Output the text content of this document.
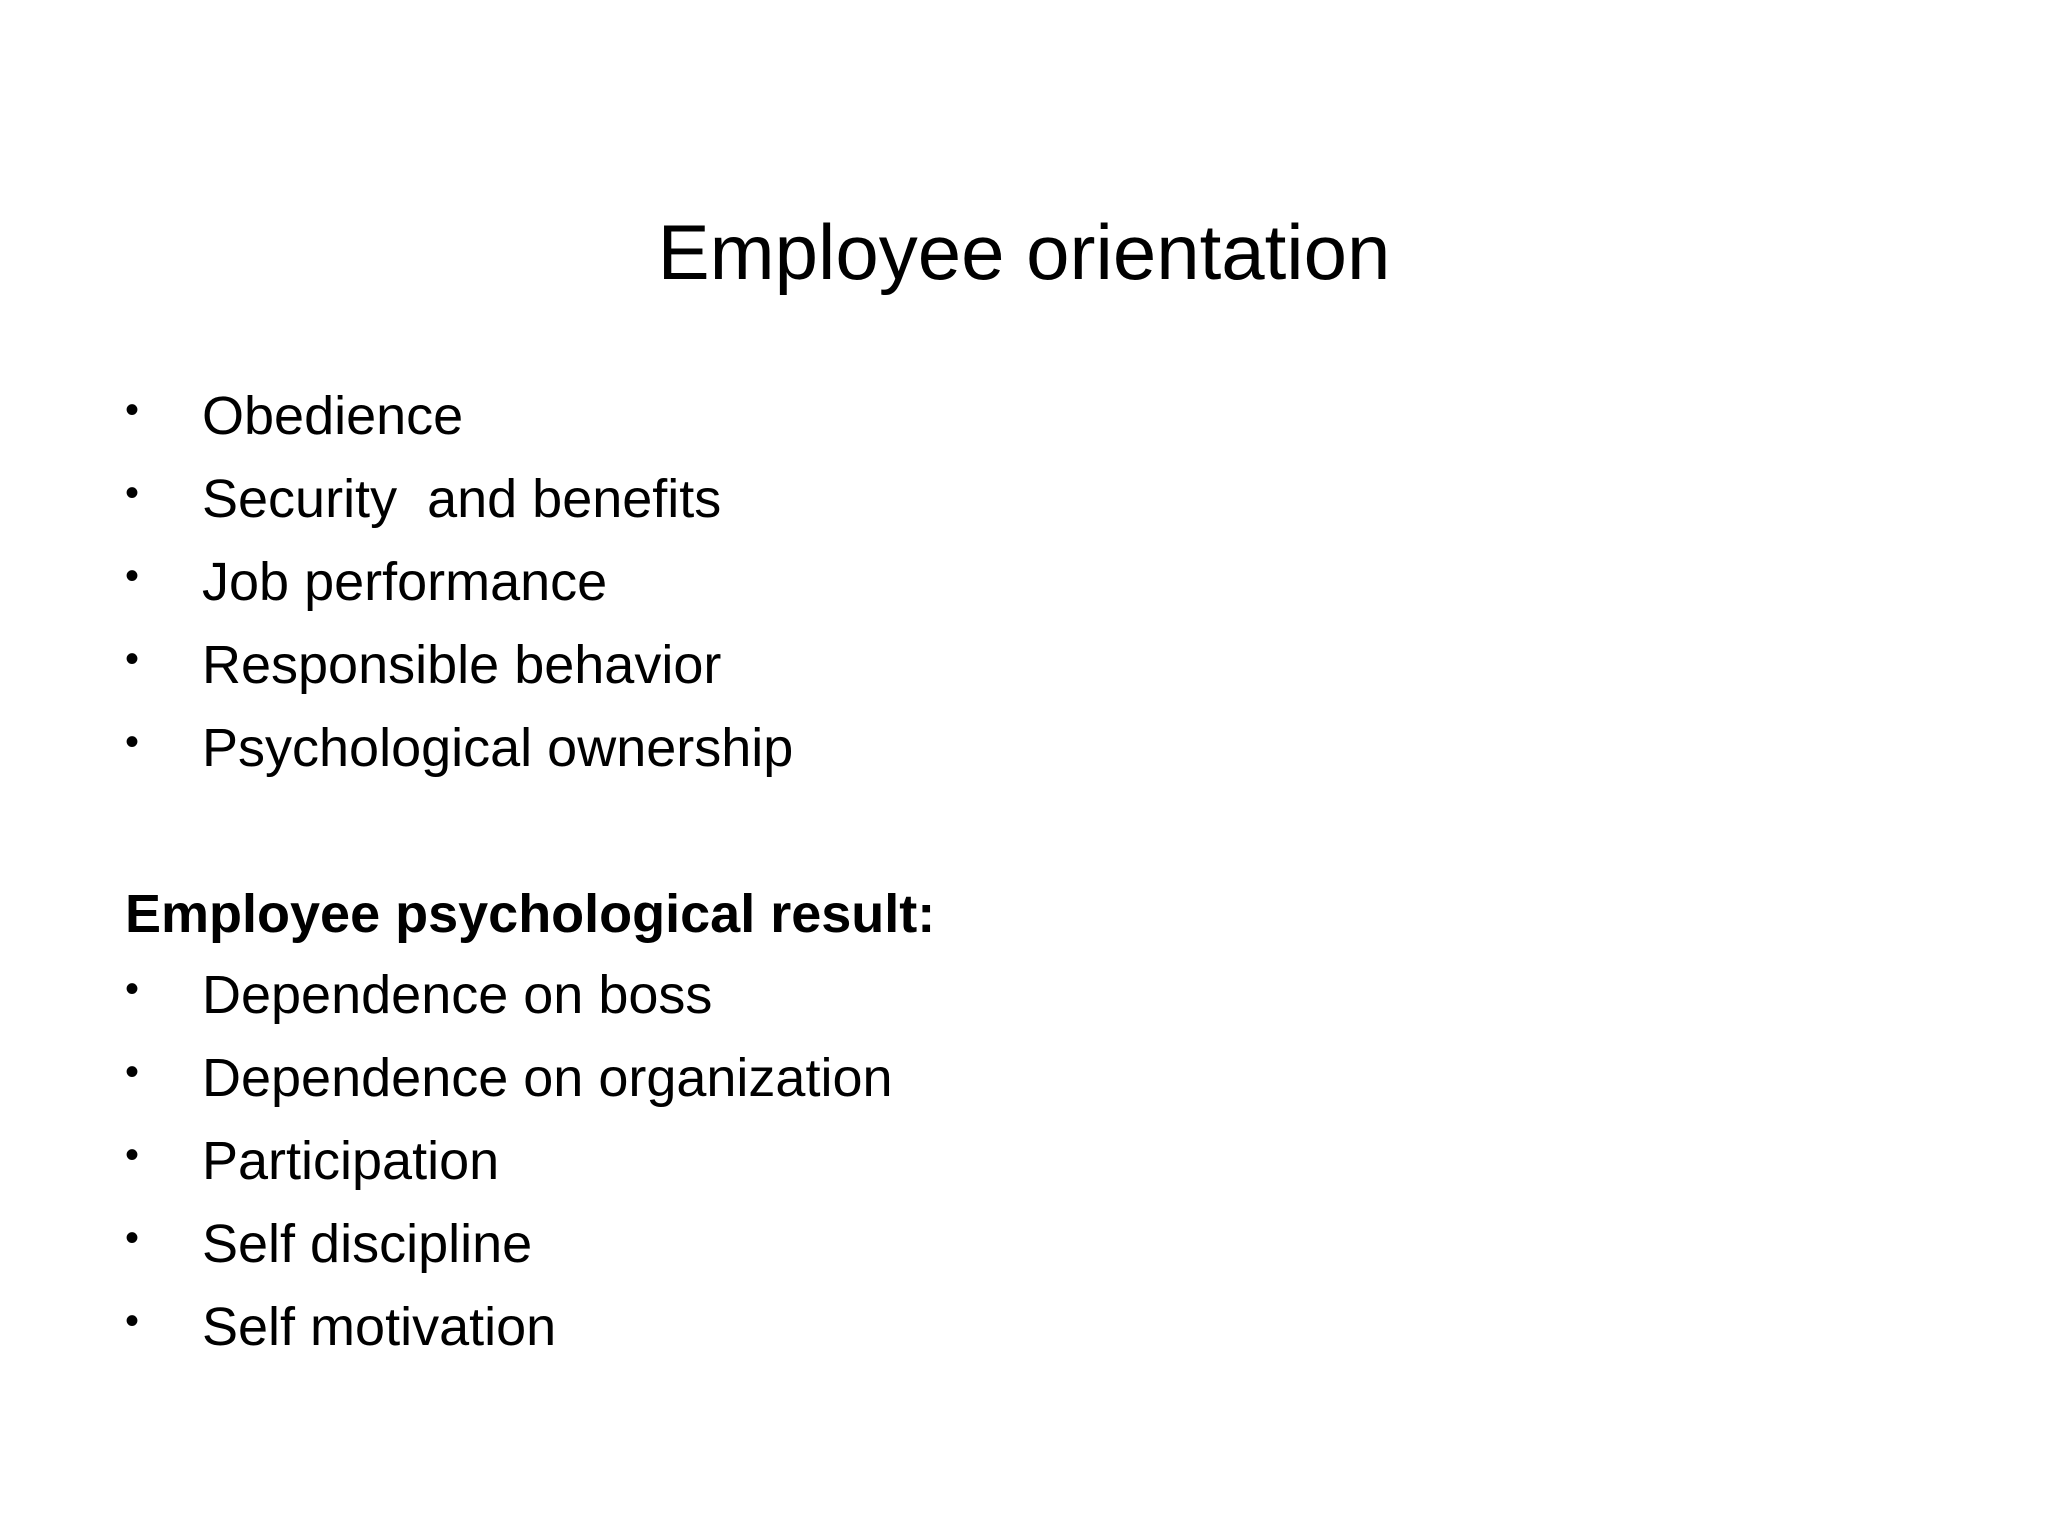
Employee orientation
•	Obedience
•	Security  and benefits
•	Job performance
•	Responsible behavior
•	Psychological ownership
Employee psychological result:
•	Dependence on boss
•	Dependence on organization
•	Participation
•	Self discipline
•	Self motivation
